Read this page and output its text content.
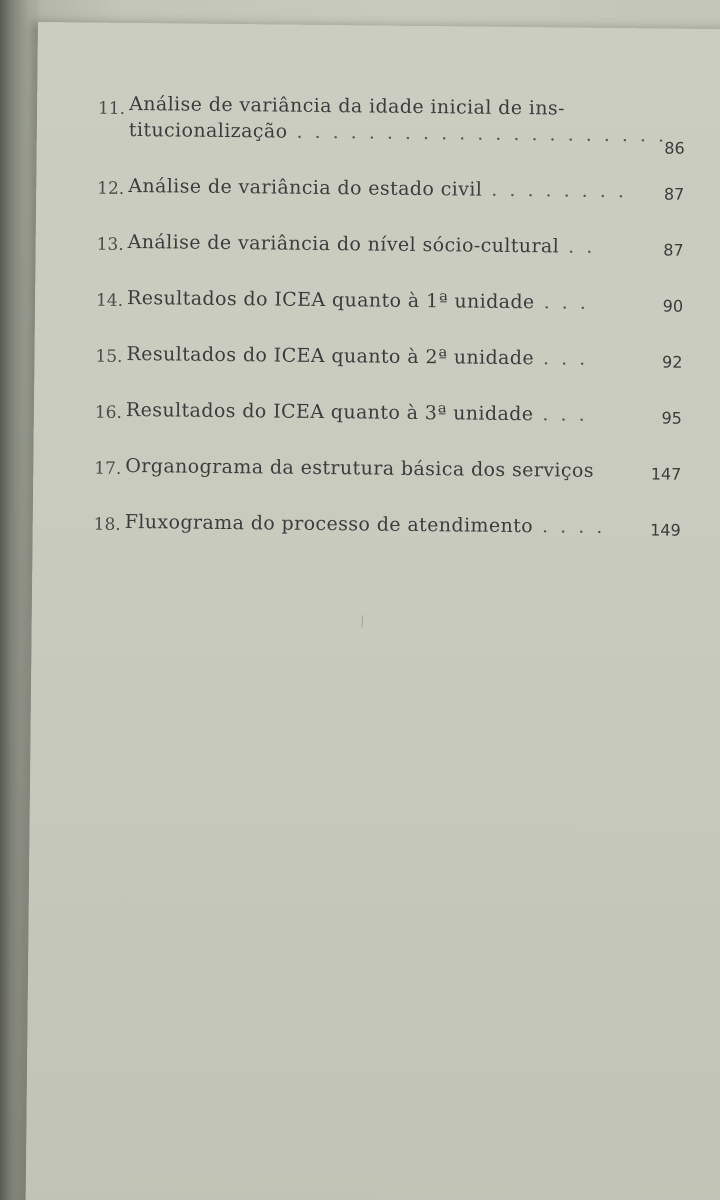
11. Análise de variância da idade inicial de ins-
titucionalização . . . . . . . . . . . . . . . . . . . . .
86
12. Análise de variância do estado civil . . . . . . . .	87
13. Análise de variância do nível sócio-cultural . .	87
14. Resultados do ICEA quanto à 1ª unidade . . .	90
15. Resultados do ICEA quanto à 2ª unidade . . .	92
16. Resultados do ICEA quanto à 3ª unidade . . .	95
17. Organograma da estrutura básica dos serviços	147
18. Fluxograma do processo de atendimento . . . .	149
